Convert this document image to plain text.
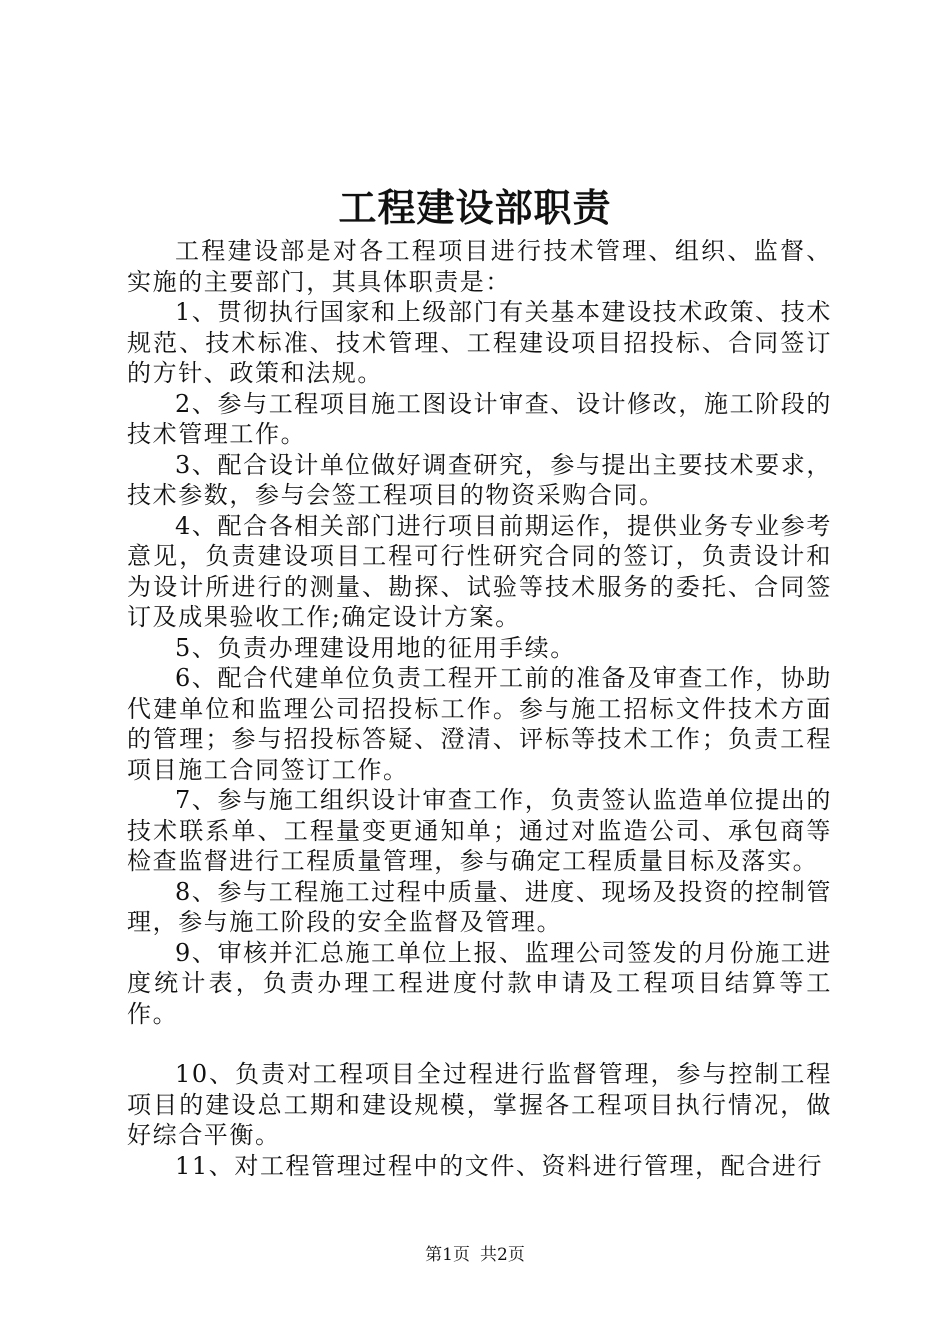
工程建设部职责

工程建设部是对各工程项目进行技术管理、组织、监督、实施的主要部门，其具体职责是：

1、贯彻执行国家和上级部门有关基本建设技术政策、技术规范、技术标准、技术管理、工程建设项目招投标、合同签订的方针、政策和法规。

2、参与工程项目施工图设计审查、设计修改，施工阶段的技术管理工作。

3、配合设计单位做好调查研究，参与提出主要技术要求，技术参数，参与会签工程项目的物资采购合同。

4、配合各相关部门进行项目前期运作，提供业务专业参考意见，负责建设项目工程可行性研究合同的签订，负责设计和为设计所进行的测量、勘探、试验等技术服务的委托、合同签订及成果验收工作;确定设计方案。

5、负责办理建设用地的征用手续。

6、配合代建单位负责工程开工前的准备及审查工作，协助代建单位和监理公司招投标工作。参与施工招标文件技术方面的管理；参与招投标答疑、澄清、评标等技术工作；负责工程项目施工合同签订工作。

7、参与施工组织设计审查工作，负责签认监造单位提出的技术联系单、工程量变更通知单；通过对监造公司、承包商等检查监督进行工程质量管理，参与确定工程质量目标及落实。

8、参与工程施工过程中质量、进度、现场及投资的控制管理，参与施工阶段的安全监督及管理。

9、审核并汇总施工单位上报、监理公司签发的月份施工进度统计表，负责办理工程进度付款申请及工程项目结算等工作。

10、负责对工程项目全过程进行监督管理，参与控制工程项目的建设总工期和建设规模，掌握各工程项目执行情况，做好综合平衡。

11、对工程管理过程中的文件、资料进行管理，配合进行

第1页 共2页
